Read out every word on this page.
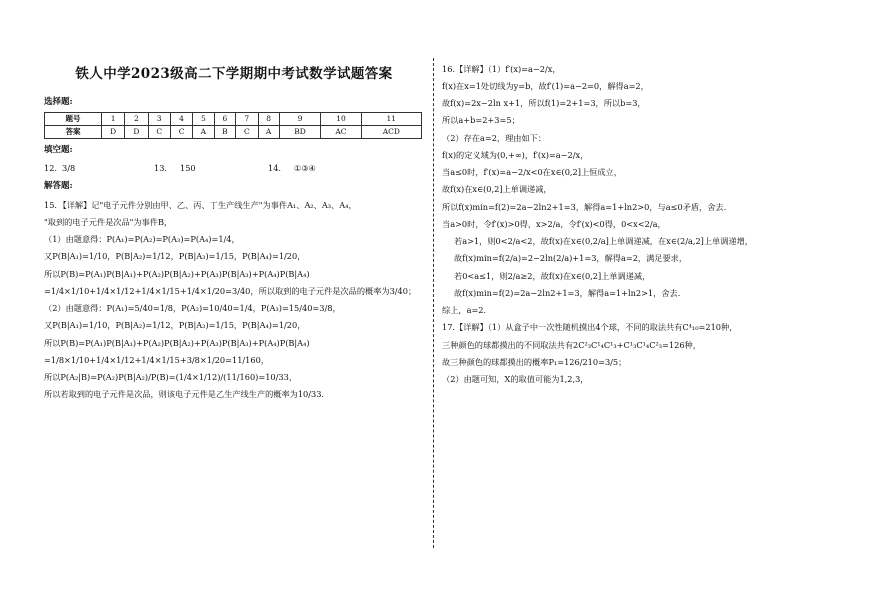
铁人中学2023级高二下学期期中考试数学试题答案
选择题:
题号	1	2	3	4	5	6	7	8	9	10	11
答案	D	D	C	C	A	B	C	A	BD	AC	ACD
填空题:
12. 3/8	13.	150	14.	①③④
解答题:
15．【详解】记"电子元件分别由甲、乙、丙、丁生产线生产"为事件A₁、A₂、A₃、A₄，
"取到的电子元件是次品"为事件B，
（1）由题意得：P(A₁)=P(A₂)=P(A₃)=P(A₄)=1/4，
又P(B|A₁)=1/10，P(B|A₂)=1/12，P(B|A₃)=1/15，P(B|A₄)=1/20，
所以P(B)=P(A₁)P(B|A₁)+P(A₂)P(B|A₂)+P(A₃)P(B|A₃)+P(A₄)P(B|A₄)
=1/4×1/10+1/4×1/12+1/4×1/15+1/4×1/20=3/40，所以取到的电子元件是次品的概率为3/40；
（2）由题意得：P(A₁)=5/40=1/8，P(A₂)=10/40=1/4，P(A₃)=15/40=3/8，
又P(B|A₁)=1/10，P(B|A₂)=1/12，P(B|A₃)=1/15，P(B|A₄)=1/20，
所以P(B)=P(A₁)P(B|A₁)+P(A₂)P(B|A₂)+P(A₃)P(B|A₃)+P(A₄)P(B|A₄)
=1/8×1/10+1/4×1/12+1/4×1/15+3/8×1/20=11/160，
所以P(A₂|B)=P(A₂)P(B|A₂)/P(B)=(1/4×1/12)/(11/160)=10/33，
所以若取到的电子元件是次品，则该电子元件是乙生产线生产的概率为10/33．
16.【详解】（1）f′(x)=a−2/x，
f(x)在x=1处切线为y=b，故f′(1)=a−2=0，解得a=2，
故f(x)=2x−2ln x+1，所以f(1)=2+1=3，所以b=3，
所以a+b=2+3=5；
（2）存在a=2，理由如下：
f(x)的定义域为(0,+∞)，f′(x)=a−2/x，
当a≤0时，f′(x)=a−2/x<0在x∈(0,2]上恒成立，
故f(x)在x∈(0,2]上单调递减，
所以f(x)min=f(2)=2a−2ln2+1=3，解得a=1+ln2>0，与a≤0矛盾，舍去.
当a>0时，令f′(x)>0得，x>2/a，令f′(x)<0得，0<x<2/a，
若a>1，则0<2/a<2，故f(x)在x∈(0,2/a]上单调递减，在x∈(2/a,2]上单调递增，
故f(x)min=f(2/a)=2−2ln(2/a)+1=3，解得a=2，满足要求，
若0<a≤1，则2/a≥2，故f(x)在x∈(0,2]上单调递减，
故f(x)min=f(2)=2a−2ln2+1=3，解得a=1+ln2>1，舍去.
综上，a=2.
17.【详解】（1）从盒子中一次性随机摸出4个球，不同的取法共有C⁴₁₀=210种，
三种颜色的球都摸出的不同取法共有2C²₃C¹₄C¹₃+C¹₃C¹₄C²₃=126种，
故三种颜色的球都摸出的概率P₁=126/210=3/5；
（2）由题可知，X的取值可能为1,2,3，
